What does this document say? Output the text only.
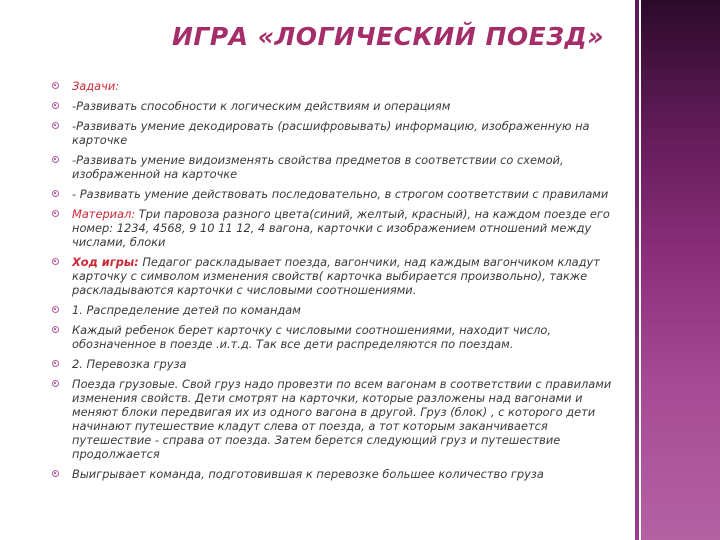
ИГРА «ЛОГИЧЕСКИЙ ПОЕЗД»
Задачи:
-Развивать способности к логическим действиям и операциям
-Развивать умение декодировать (расшифровывать) информацию, изображенную на карточке
-Развивать умение видоизменять свойства предметов в соответствии со схемой, изображенной на карточке
- Развивать умение действовать последовательно, в строгом соответствии с правилами
Материал: Три паровоза разного цвета(синий, желтый, красный), на каждом поезде его номер: 1234, 4568, 9 10 11 12, 4 вагона, карточки с изображением отношений между числами, блоки
Ход игры: Педагог раскладывает поезда, вагончики, над каждым вагончиком кладут карточку с символом изменения свойств( карточка выбирается произвольно), также раскладываются карточки с числовыми соотношениями.
1. Распределение детей по командам
Каждый ребенок берет карточку с числовыми соотношениями, находит число, обозначенное в поезде .и.т.д. Так все дети распределяются по поездам.
2. Перевозка груза
Поезда грузовые. Свой груз надо провезти по всем вагонам в соответствии с правилами изменения свойств. Дети смотрят на карточки, которые разложены над вагонами и меняют блоки передвигая их из одного вагона в другой. Груз (блок) , с которого дети начинают путешествие кладут слева от поезда, а тот которым заканчивается путешествие - справа от поезда. Затем берется следующий груз и путешествие продолжается
Выигрывает команда, подготовившая к перевозке большее количество груза
